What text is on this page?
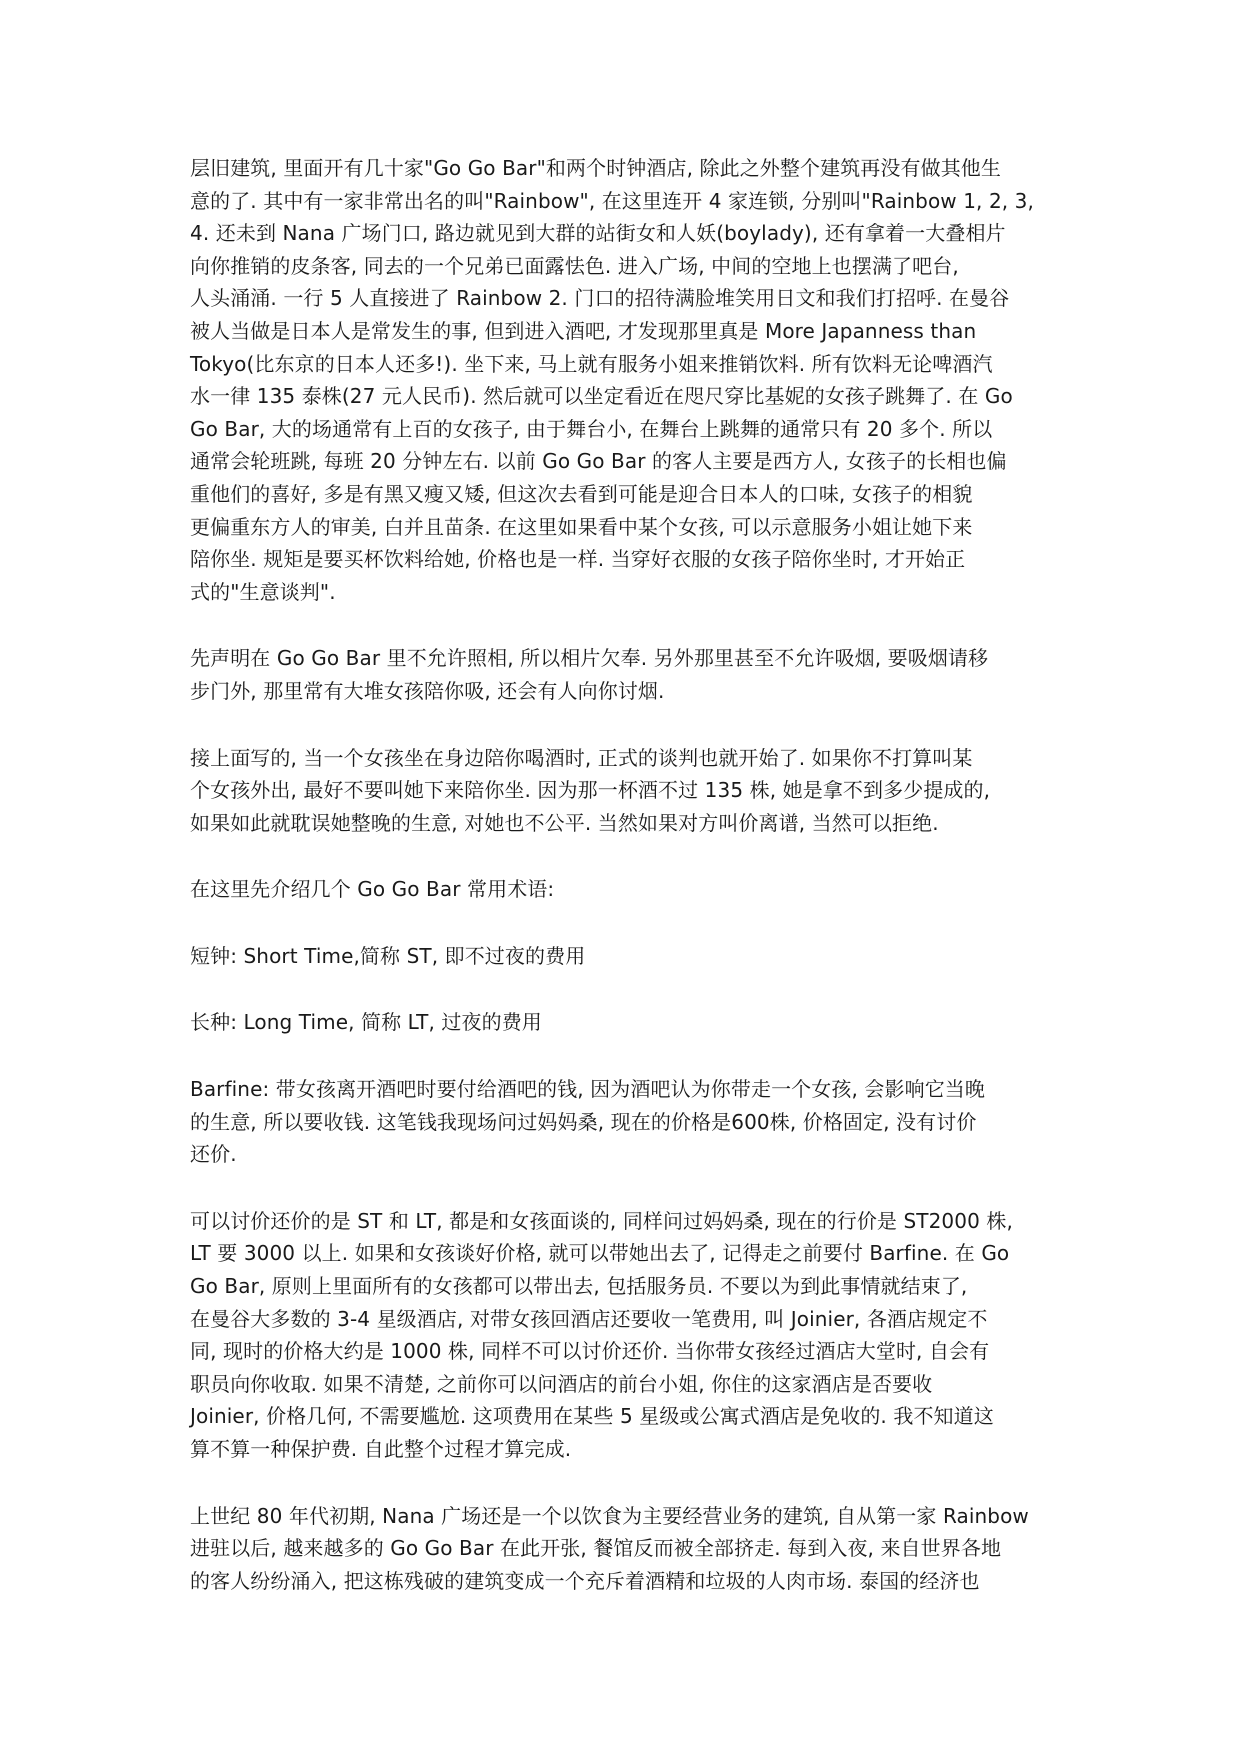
层旧建筑, 里面开有几十家"Go Go Bar"和两个时钟酒店, 除此之外整个建筑再没有做其他生
意的了. 其中有一家非常出名的叫"Rainbow", 在这里连开 4 家连锁, 分别叫"Rainbow 1, 2, 3,
4. 还未到 Nana 广场门口, 路边就见到大群的站街女和人妖(boylady), 还有拿着一大叠相片
向你推销的皮条客, 同去的一个兄弟已面露怯色. 进入广场, 中间的空地上也摆满了吧台,
人头涌涌. 一行 5 人直接进了 Rainbow 2. 门口的招待满脸堆笑用日文和我们打招呼. 在曼谷
被人当做是日本人是常发生的事, 但到进入酒吧, 才发现那里真是 More Japanness than
Tokyo(比东京的日本人还多!). 坐下来, 马上就有服务小姐来推销饮料. 所有饮料无论啤酒汽
水一律 135 泰株(27 元人民币). 然后就可以坐定看近在咫尺穿比基妮的女孩子跳舞了. 在 Go
Go Bar, 大的场通常有上百的女孩子, 由于舞台小, 在舞台上跳舞的通常只有 20 多个. 所以
通常会轮班跳, 每班 20 分钟左右. 以前 Go Go Bar 的客人主要是西方人, 女孩子的长相也偏
重他们的喜好, 多是有黑又瘦又矮, 但这次去看到可能是迎合日本人的口味, 女孩子的相貌
更偏重东方人的审美, 白并且苗条. 在这里如果看中某个女孩, 可以示意服务小姐让她下来
陪你坐. 规矩是要买杯饮料给她, 价格也是一样. 当穿好衣服的女孩子陪你坐时, 才开始正
式的"生意谈判".
先声明在 Go Go Bar 里不允许照相, 所以相片欠奉. 另外那里甚至不允许吸烟, 要吸烟请移
步门外, 那里常有大堆女孩陪你吸, 还会有人向你讨烟.
接上面写的, 当一个女孩坐在身边陪你喝酒时, 正式的谈判也就开始了. 如果你不打算叫某
个女孩外出, 最好不要叫她下来陪你坐. 因为那一杯酒不过 135 株, 她是拿不到多少提成的,
如果如此就耽误她整晚的生意, 对她也不公平. 当然如果对方叫价离谱, 当然可以拒绝.
在这里先介绍几个 Go Go Bar 常用术语:
短钟: Short Time,简称 ST, 即不过夜的费用
长种: Long Time, 简称 LT, 过夜的费用
Barfine: 带女孩离开酒吧时要付给酒吧的钱, 因为酒吧认为你带走一个女孩, 会影响它当晚
的生意, 所以要收钱. 这笔钱我现场问过妈妈桑, 现在的价格是600株, 价格固定, 没有讨价
还价.
可以讨价还价的是 ST 和 LT, 都是和女孩面谈的, 同样问过妈妈桑, 现在的行价是 ST2000 株,
LT 要 3000 以上. 如果和女孩谈好价格, 就可以带她出去了, 记得走之前要付 Barfine. 在 Go
Go Bar, 原则上里面所有的女孩都可以带出去, 包括服务员. 不要以为到此事情就结束了,
在曼谷大多数的 3-4 星级酒店, 对带女孩回酒店还要收一笔费用, 叫 Joinier, 各酒店规定不
同, 现时的价格大约是 1000 株, 同样不可以讨价还价. 当你带女孩经过酒店大堂时, 自会有
职员向你收取. 如果不清楚, 之前你可以问酒店的前台小姐, 你住的这家酒店是否要收
Joinier, 价格几何, 不需要尴尬. 这项费用在某些 5 星级或公寓式酒店是免收的. 我不知道这
算不算一种保护费. 自此整个过程才算完成.
上世纪 80 年代初期, Nana 广场还是一个以饮食为主要经营业务的建筑, 自从第一家 Rainbow
进驻以后, 越来越多的 Go Go Bar 在此开张, 餐馆反而被全部挤走. 每到入夜, 来自世界各地
的客人纷纷涌入, 把这栋残破的建筑变成一个充斥着酒精和垃圾的人肉市场. 泰国的经济也
